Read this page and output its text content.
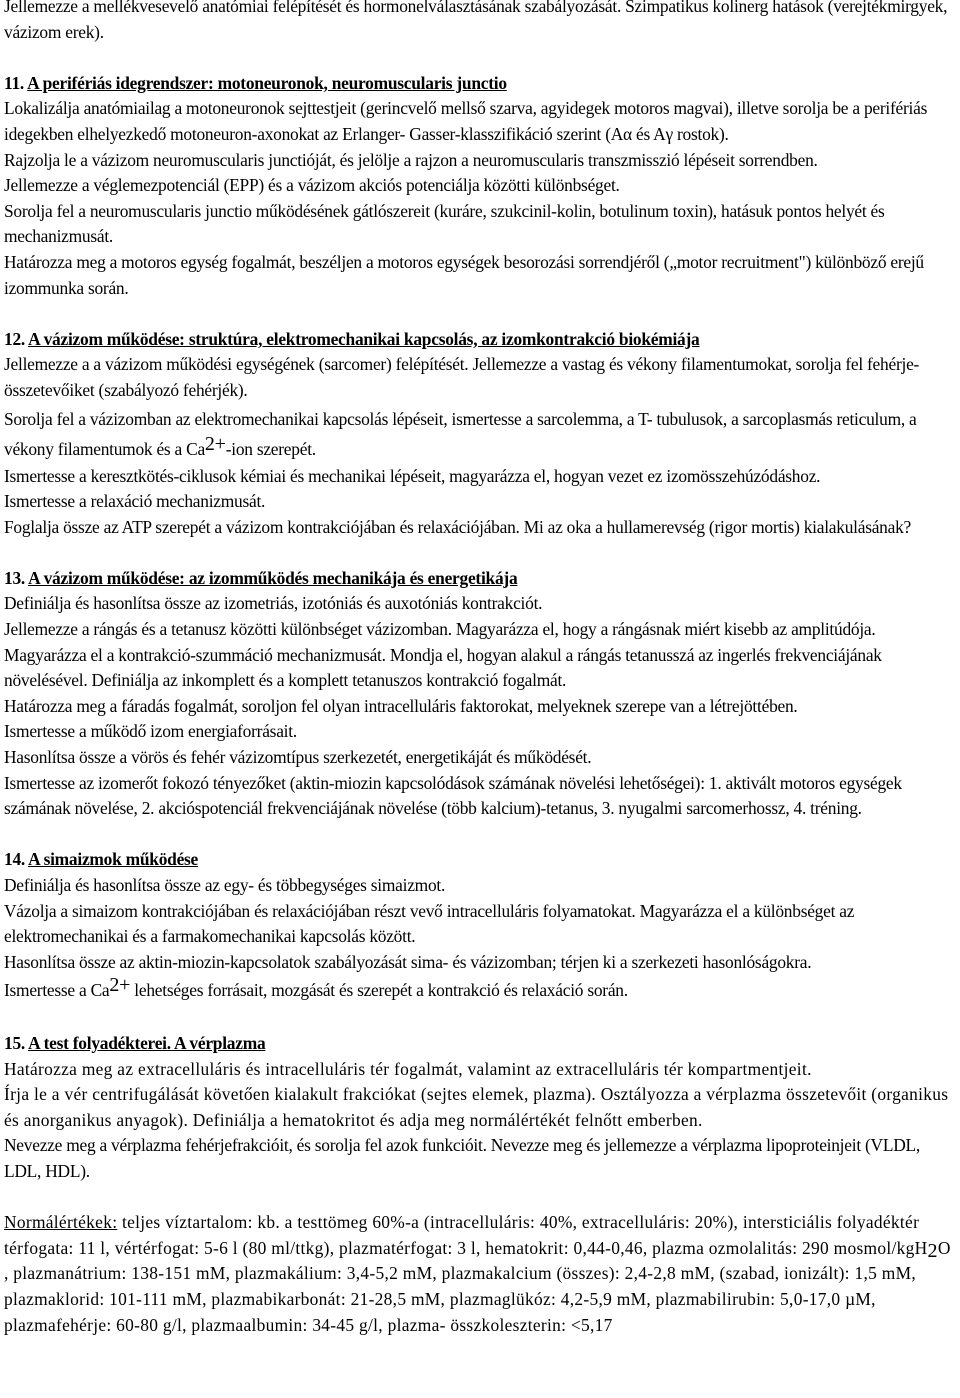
Jellemezze a mellékvesevelő anatómiai felépítését és hormonelválasztásának szabályozását. Szimpatikus kolinerg hatások (verejtékmirgyek, vázizom erek).

11. A perifériás idegrendszer: motoneuronok, neuromuscularis junctio

Lokalizálja anatómiailag a motoneuronok sejttestjeit (gerincvelő mellső szarva, agyidegek motoros magvai), illetve sorolja be a perifériás idegekben elhelyezkedő motoneuron-axonokat az Erlanger- Gasser-klasszifikáció szerint (Aα és Aγ rostok).

Rajzolja le a vázizom neuromuscularis junctióját, és jelölje a rajzon a neuromuscularis transzmisszió lépéseit sorrendben.

Jellemezze a véglemezpotenciál (EPP) és a vázizom akciós potenciálja közötti különbséget.

Sorolja fel a neuromuscularis junctio működésének gátlószereit (kuráre, szukcinil-kolin, botulinum toxin), hatásuk pontos helyét és mechanizmusát.

Határozza meg a motoros egység fogalmát, beszéljen a motoros egységek besorozási sorrendjéről („motor recruitment") különböző erejű izommunka során.

12. A vázizom működése: struktúra, elektromechanikai kapcsolás, az izomkontrakció biokémiája

Jellemezze a a vázizom működési egységének (sarcomer) felépítését. Jellemezze a vastag és vékony filamentumokat, sorolja fel fehérje-összetevőiket (szabályozó fehérjék).

Sorolja fel a vázizomban az elektromechanikai kapcsolás lépéseit, ismertesse a sarcolemma, a T- tubulusok, a sarcoplasmás reticulum, a vékony filamentumok és a Ca2+-ion szerepét.

Ismertesse a keresztkötés-ciklusok kémiai és mechanikai lépéseit, magyarázza el, hogyan vezet ez izomösszehúzódáshoz.

Ismertesse a relaxáció mechanizmusát.

Foglalja össze az ATP szerepét a vázizom kontrakciójában és relaxációjában. Mi az oka a hullamerevség (rigor mortis) kialakulásának?

13. A vázizom működése: az izomműködés mechanikája és energetikája

Definiálja és hasonlítsa össze az izometriás, izotóniás és auxotóniás kontrakciót.

Jellemezze a rángás és a tetanusz közötti különbséget vázizomban. Magyarázza el, hogy a rángásnak miért kisebb az amplitúdója. Magyarázza el a kontrakció-szummáció mechanizmusát. Mondja el, hogyan alakul a rángás tetanusszá az ingerlés frekvenciájának növelésével. Definiálja az inkomplett és a komplett tetanuszos kontrakció fogalmát.

Határozza meg a fáradás fogalmát, soroljon fel olyan intracelluláris faktorokat, melyeknek szerepe van a létrejöttében.

Ismertesse a működő izom energiaforrásait.

Hasonlítsa össze a vörös és fehér vázizomtípus szerkezetét, energetikáját és működését.

Ismertesse az izomerőt fokozó tényezőket (aktin-miozin kapcsolódások számának növelési lehetőségei): 1. aktivált motoros egységek számának növelése, 2. akcióspotenciál frekvenciájának növelése (több kalcium)-tetanus, 3. nyugalmi sarcomerhossz, 4. tréning.

14. A simaizmok működése

Definiálja és hasonlítsa össze az egy- és többegységes simaizmot.

Vázolja a simaizom kontrakciójában és relaxációjában részt vevő intracelluláris folyamatokat. Magyarázza el a különbséget az elektromechanikai és a farmakomechanikai kapcsolás között.

Hasonlítsa össze az aktin-miozin-kapcsolatok szabályozását sima- és vázizomban; térjen ki a szerkezeti hasonlóságokra.

Ismertesse a Ca2+ lehetséges forrásait, mozgását és szerepét a kontrakció és relaxáció során.

15. A test folyadékterei. A vérplazma

Határozza meg az extracelluláris és intracelluláris tér fogalmát, valamint az extracelluláris tér kompartmentjeit.

Írja le a vér centrifugálását követően kialakult frakciókat (sejtes elemek, plazma). Osztályozza a vérplazma összetevőit (organikus és anorganikus anyagok). Definiálja a hematokritot és adja meg normálértékét felnőtt emberben.

Nevezze meg a vérplazma fehérjefrakcióit, és sorolja fel azok funkcióit. Nevezze meg és jellemezze a vérplazma lipoproteinjeit (VLDL, LDL, HDL).

Normálértékek: teljes víztartalom: kb. a testtömeg 60%-a (intracelluláris: 40%, extracelluláris: 20%), intersticiális folyadéktér térfogata: 11 l, vértérfogat: 5-6 l (80 ml/ttkg), plazmatérfogat: 3 l, hematokrit: 0,44-0,46, plazma ozmolalitás: 290 mosmol/kgH2O , plazmanátrium: 138-151 mM, plazmakálium: 3,4-5,2 mM, plazmakalcium (összes): 2,4-2,8 mM, (szabad, ionizált): 1,5 mM, plazmaklorid: 101-111 mM, plazmabikarbonát: 21-28,5 mM, plazmaglükóz: 4,2-5,9 mM, plazmabilirubin: 5,0-17,0 µM, plazmafehérje: 60-80 g/l, plazmaalbumin: 34-45 g/l, plazma- összkoleszterin: <5,17
